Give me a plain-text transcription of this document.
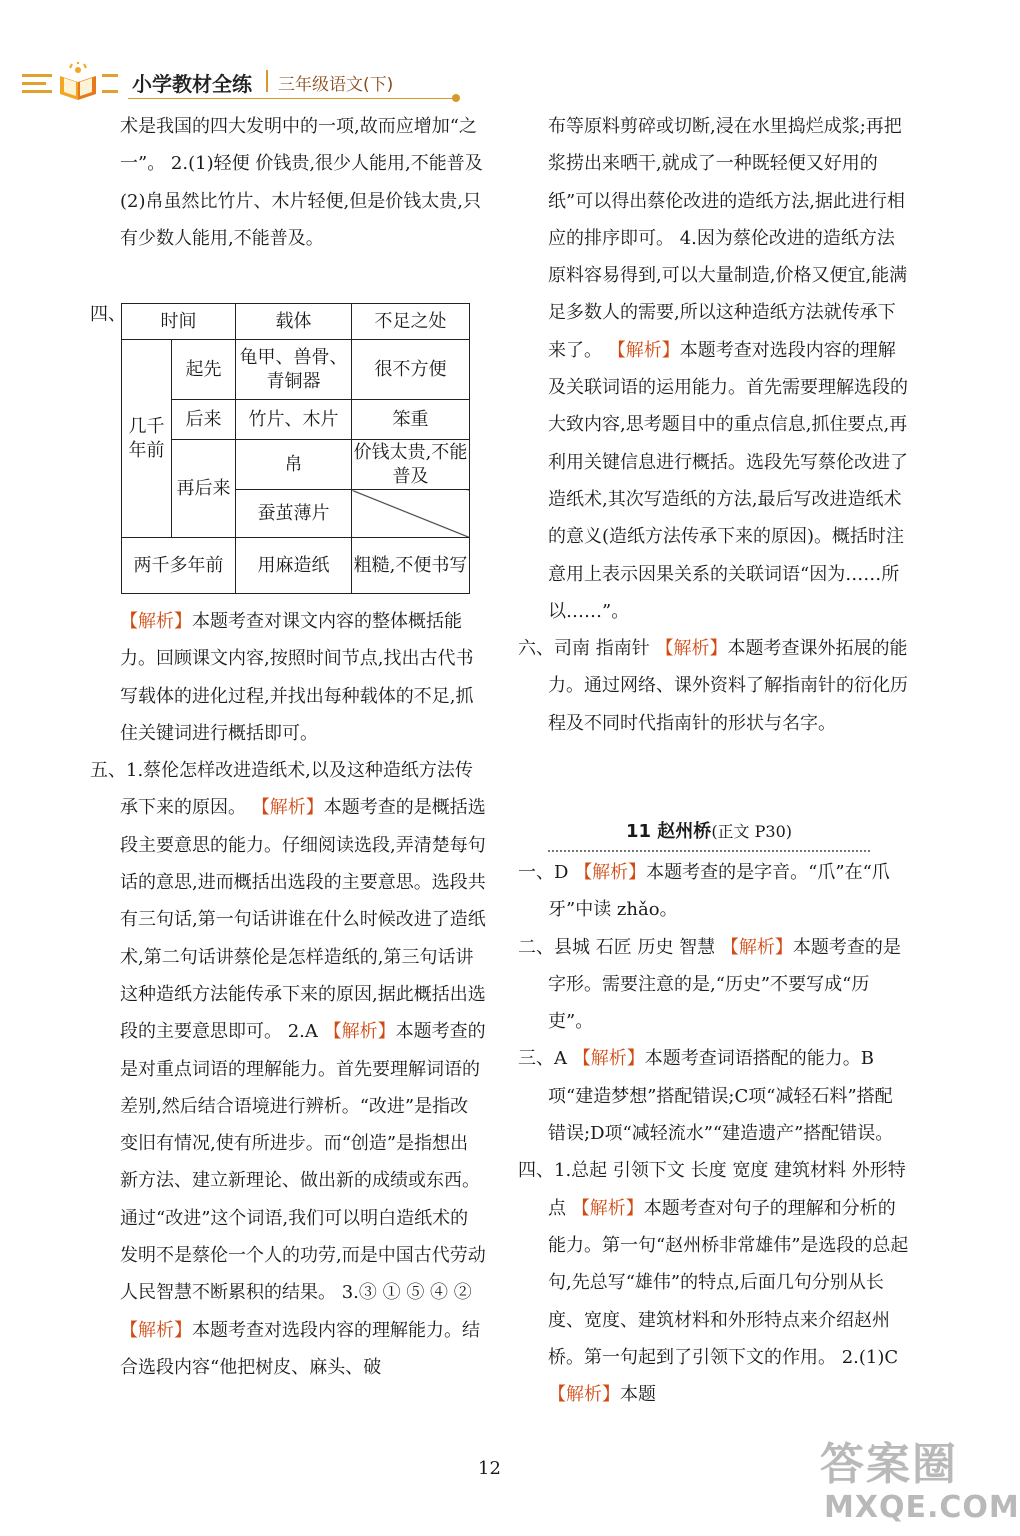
小学教材全练 三年级语文(下)

术是我国的四大发明中的一项,故而应增加“之一”。 2.(1)轻便 价钱贵,很少人能用,不能普及 (2)帛虽然比竹片、木片轻便,但是价钱太贵,只有少数人能用,不能普及。

四、 时间		载体	不足之处
几千年前	起先	龟甲、兽骨、青铜器	很不方便
	后来	竹片、木片	笨重
	再后来	帛	价钱太贵,不能普及
		蚕茧薄片	
两千多年前		用麻造纸	粗糙,不便书写

【 解析 】 本题考查对课文内容的整体概括能力。回顾课文内容,按照时间节点,找出古代书写载体的进化过程,并找出每种载体的不足,抓住关键词进行概括即可。

五、1.蔡伦怎样改进造纸术,以及这种造纸方法传承下来的原因。 【 解析 】 本题考查的是概括选段主要意思的能力。仔细阅读选段,弄清楚每句话的意思,进而概括出选段的主要意思。选段共有三句话,第一句话讲谁在什么时候改进了造纸术,第二句话讲蔡伦是怎样造纸的,第三句话讲这种造纸方法能传承下来的原因,据此概括出选段的主要意思即可。 2.A 【 解析 】 本题考查的是对重点词语的理解能力。首先要理解词语的差别,然后结合语境进行辨析。“改进”是指改变旧有情况,使有所进步。而“创造”是指想出新方法、建立新理论、做出新的成绩或东西。通过“改进”这个词语,我们可以明白造纸术的发明不是蔡伦一个人的功劳,而是中国古代劳动人民智慧不断累积的结果。 3.③ ① ⑤ ④ ② 【 解析 】 本题考查对选段内容的理解能力。结合选段内容“他把树皮、麻头、破

布等原料剪碎或切断,浸在水里捣烂成浆;再把浆捞出来晒干,就成了一种既轻便又好用的纸”可以得出蔡伦改进的造纸方法,据此进行相应的排序即可。 4.因为蔡伦改进的造纸方法原料容易得到,可以大量制造,价格又便宜,能满足多数人的需要,所以这种造纸方法就传承下来了。 【 解析 】 本题考查对选段内容的理解及关联词语的运用能力。首先需要理解选段的大致内容,思考题目中的重点信息,抓住要点,再利用关键信息进行概括。选段先写蔡伦改进了造纸术,其次写造纸的方法,最后写改进造纸术的意义(造纸方法传承下来的原因)。概括时注意用上表示因果关系的关联词语“因为……所以……”。

六、司南 指南针 【 解析 】 本题考查课外拓展的能力。通过网络、课外资料了解指南针的衍化历程及不同时代指南针的形状与名字。

11 赵州桥(正文 P30)

一、D 【 解析 】 本题考查的是字音。“爪”在“爪牙”中读 zhǎo。

二、县城 石匠 历史 智慧 【 解析 】 本题考查的是字形。需要注意的是,“历史”不要写成“历吏”。

三、A 【 解析 】 本题考查词语搭配的能力。B项“建造梦想”搭配错误;C项“减轻石料”搭配错误;D项“减轻流水”“建造遗产”搭配错误。

四、1.总起 引领下文 长度 宽度 建筑材料 外形特点 【 解析 】 本题考查对句子的理解和分析的能力。第一句“赵州桥非常雄伟”是选段的总起句,先总写“雄伟”的特点,后面几句分别从长度、宽度、建筑材料和外形特点来介绍赵州桥。第一句起到了引领下文的作用。 2.(1)C 【 解析 】 本题

12	答案圈
MXQE.COM
